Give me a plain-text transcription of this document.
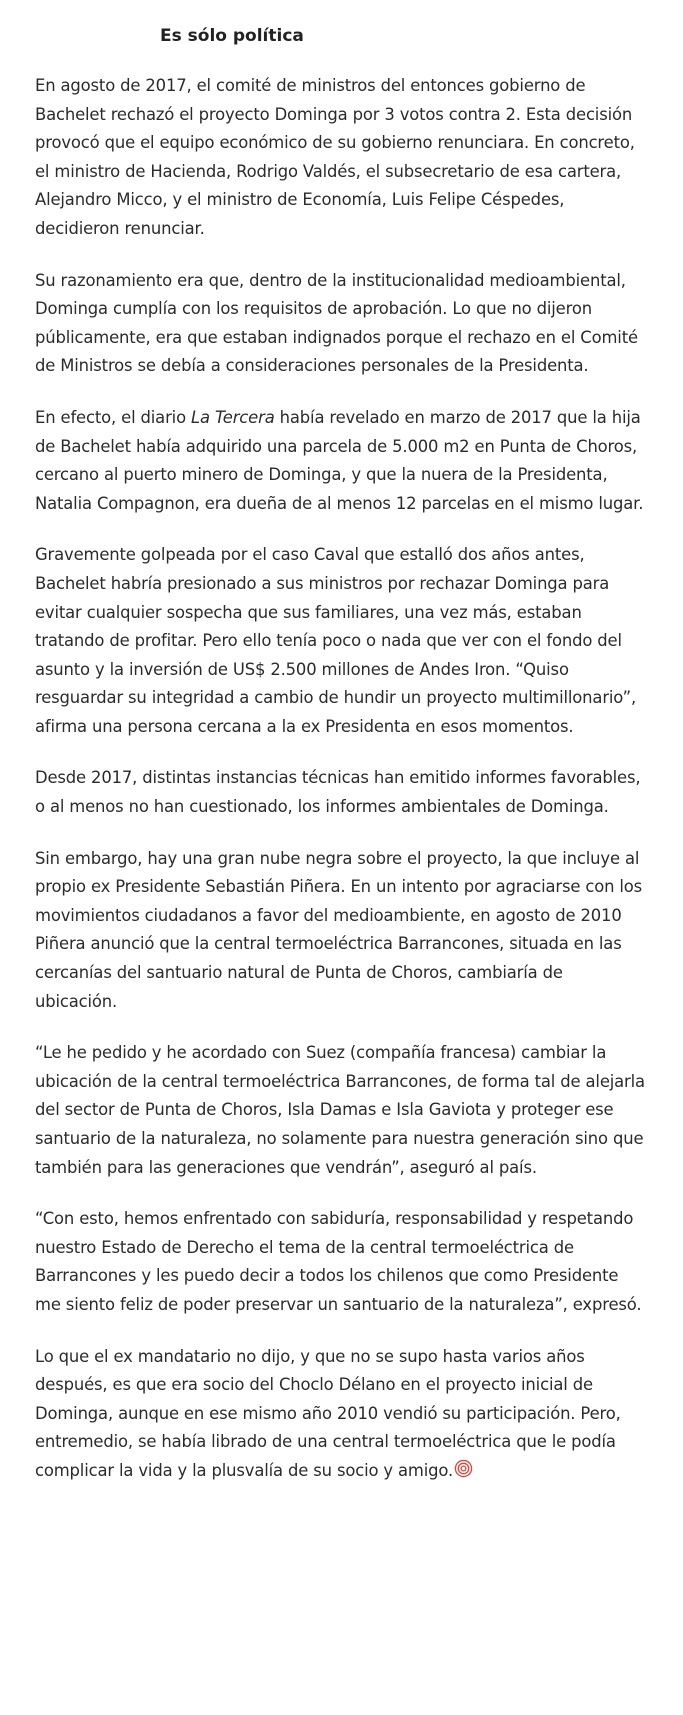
Es sólo política

En agosto de 2017, el comité de ministros del entonces gobierno de Bachelet rechazó el proyecto Dominga por 3 votos contra 2. Esta decisión provocó que el equipo económico de su gobierno renunciara. En concreto, el ministro de Hacienda, Rodrigo Valdés, el subsecretario de esa cartera, Alejandro Micco, y el ministro de Economía, Luis Felipe Céspedes, decidieron renunciar.

Su razonamiento era que, dentro de la institucionalidad medioambiental, Dominga cumplía con los requisitos de aprobación. Lo que no dijeron públicamente, era que estaban indignados porque el rechazo en el Comité de Ministros se debía a consideraciones personales de la Presidenta.

En efecto, el diario La Tercera había revelado en marzo de 2017 que la hija de Bachelet había adquirido una parcela de 5.000 m2 en Punta de Choros, cercano al puerto minero de Dominga, y que la nuera de la Presidenta, Natalia Compagnon, era dueña de al menos 12 parcelas en el mismo lugar.

Gravemente golpeada por el caso Caval que estalló dos años antes, Bachelet habría presionado a sus ministros por rechazar Dominga para evitar cualquier sospecha que sus familiares, una vez más, estaban tratando de profitar. Pero ello tenía poco o nada que ver con el fondo del asunto y la inversión de US$ 2.500 millones de Andes Iron. “Quiso resguardar su integridad a cambio de hundir un proyecto multimillonario”, afirma una persona cercana a la ex Presidenta en esos momentos.

Desde 2017, distintas instancias técnicas han emitido informes favorables, o al menos no han cuestionado, los informes ambientales de Dominga.

Sin embargo, hay una gran nube negra sobre el proyecto, la que incluye al propio ex Presidente Sebastián Piñera. En un intento por agraciarse con los movimientos ciudadanos a favor del medioambiente, en agosto de 2010 Piñera anunció que la central termoeléctrica Barrancones, situada en las cercanías del santuario natural de Punta de Choros, cambiaría de ubicación.

“Le he pedido y he acordado con Suez (compañía francesa) cambiar la ubicación de la central termoeléctrica Barrancones, de forma tal de alejarla del sector de Punta de Choros, Isla Damas e Isla Gaviota y proteger ese santuario de la naturaleza, no solamente para nuestra generación sino que también para las generaciones que vendrán”, aseguró al país.

“Con esto, hemos enfrentado con sabiduría, responsabilidad y respetando nuestro Estado de Derecho el tema de la central termoeléctrica de Barrancones y les puedo decir a todos los chilenos que como Presidente me siento feliz de poder preservar un santuario de la naturaleza”, expresó.

Lo que el ex mandatario no dijo, y que no se supo hasta varios años después, es que era socio del Choclo Délano en el proyecto inicial de Dominga, aunque en ese mismo año 2010 vendió su participación. Pero, entremedio, se había librado de una central termoeléctrica que le podía complicar la vida y la plusvalía de su socio y amigo.
